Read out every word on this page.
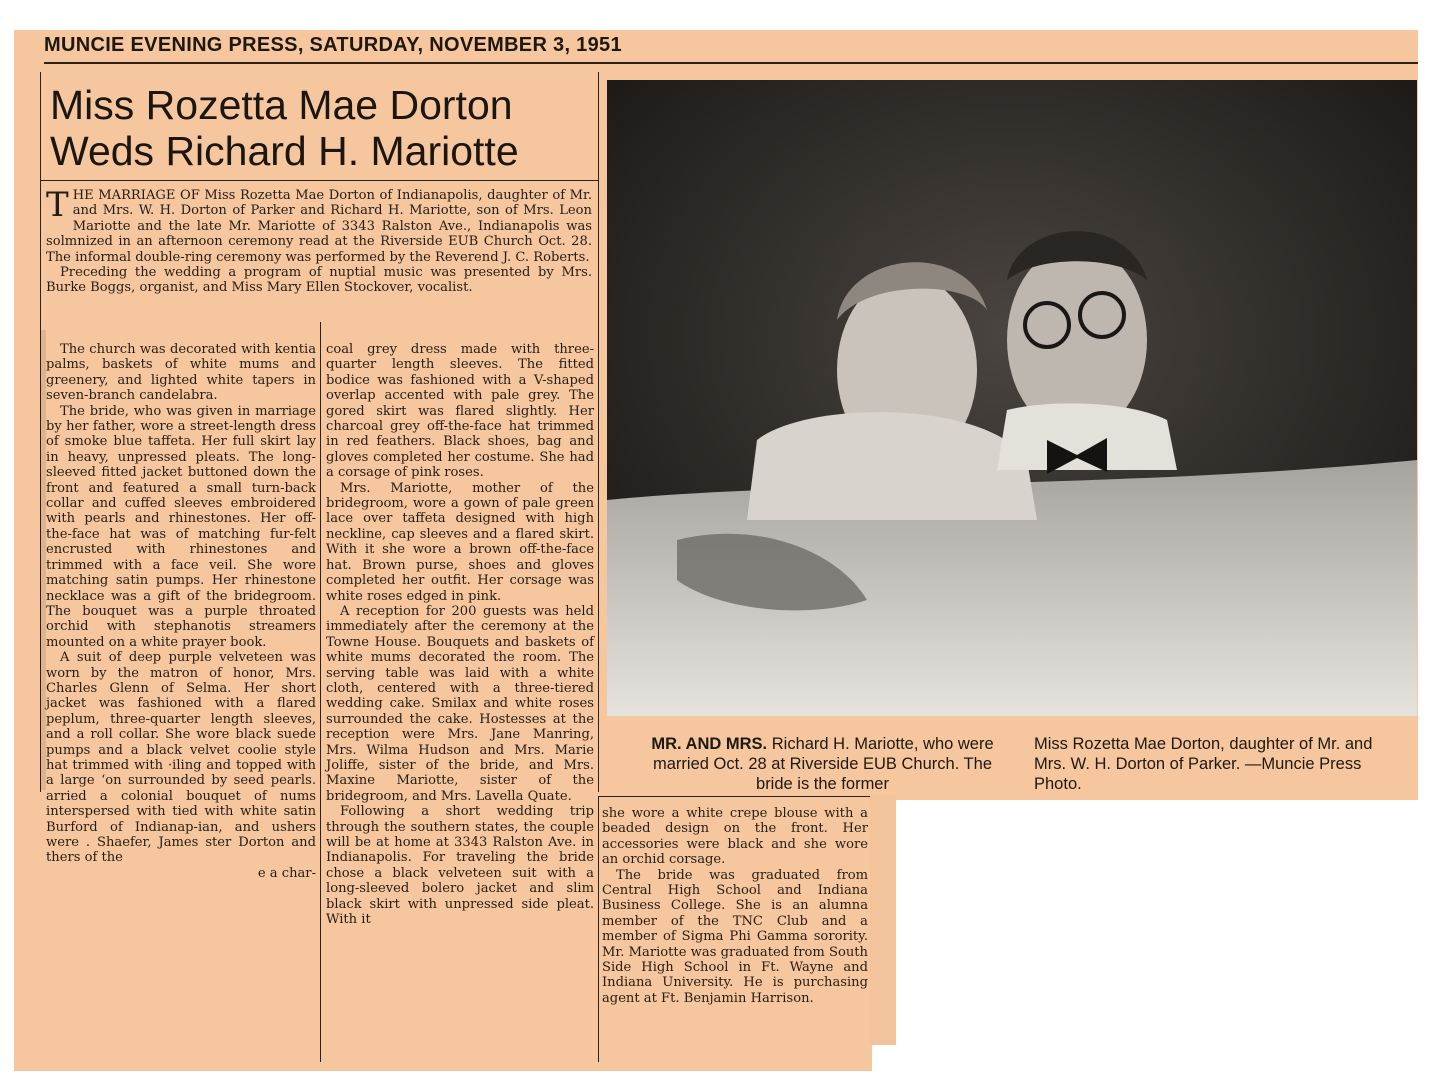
MUNCIE EVENING PRESS, SATURDAY, NOVEMBER 3, 1951
Miss Rozetta Mae Dorton
Weds Richard H. Mariotte

THE MARRIAGE OF Miss Rozetta Mae Dorton of Indianapolis, daughter of Mr. and Mrs. W. H. Dorton of Parker and Richard H. Mariotte, son of Mrs. Leon Mariotte and the late Mr. Mariotte of 3343 Ralston Ave., Indianapolis was solmnized in an afternoon ceremony read at the Riverside EUB Church Oct. 28. The informal double-ring ceremony was performed by the Reverend J. C. Roberts.

Preceding the wedding a program of nuptial music was presented by Mrs. Burke Boggs, organist, and Miss Mary Ellen Stockover, vocalist.

The church was decorated with kentia palms, baskets of white mums and greenery, and lighted white tapers in seven-branch candelabra.

The bride, who was given in marriage by her father, wore a street-length dress of smoke blue taffeta. Her full skirt lay in heavy, unpressed pleats. The long-sleeved fitted jacket buttoned down the front and featured a small turn-back collar and cuffed sleeves embroidered with pearls and rhinestones. Her off-the-face hat was of matching fur-felt encrusted with rhinestones and trimmed with a face veil. She wore matching satin pumps. Her rhinestone necklace was a gift of the bridegroom. The bouquet was a purple throated orchid with stephanotis streamers mounted on a white prayer book.

A suit of deep purple velveteen was worn by the matron of honor, Mrs. Charles Glenn of Selma. Her short jacket was fashioned with a flared peplum, three-quarter length sleeves, and a roll collar. She wore black suede pumps and a black velvet coolie style hat trimmed with ·iling and topped with a large ʻon surrounded by seed pearls. arried a colonial bouquet of nums interspersed with tied with white satin Burford of Indianap-ian, and ushers were . Shaefer, James ster Dorton and thers of the

e a char-

coal grey dress made with three-quarter length sleeves. The fitted bodice was fashioned with a V-shaped overlap accented with pale grey. The gored skirt was flared slightly. Her charcoal grey off-the-face hat trimmed in red feathers. Black shoes, bag and gloves completed her costume. She had a corsage of pink roses.

Mrs. Mariotte, mother of the bridegroom, wore a gown of pale green lace over taffeta designed with high neckline, cap sleeves and a flared skirt. With it she wore a brown off-the-face hat. Brown purse, shoes and gloves completed her outfit. Her corsage was white roses edged in pink.

A reception for 200 guests was held immediately after the ceremony at the Towne House. Bouquets and baskets of white mums decorated the room. The serving table was laid with a white cloth, centered with a three-tiered wedding cake. Smilax and white roses surrounded the cake. Hostesses at the reception were Mrs. Jane Manring, Mrs. Wilma Hudson and Mrs. Marie Joliffe, sister of the bride, and Mrs. Maxine Mariotte, sister of the bridegroom, and Mrs. Lavella Quate.

Following a short wedding trip through the southern states, the couple will be at home at 3343 Ralston Ave. in Indianapolis. For traveling the bride chose a black velveteen suit with a long-sleeved bolero jacket and slim black skirt with unpressed side pleat. With it

she wore a white crepe blouse with a beaded design on the front. Her accessories were black and she wore an orchid corsage.

The bride was graduated from Central High School and Indiana Business College. She is an alumna member of the TNC Club and a member of Sigma Phi Gamma sorority. Mr. Mariotte was graduated from South Side High School in Ft. Wayne and Indiana University. He is purchasing agent at Ft. Benjamin Harrison.

MR. AND MRS. Richard H. Mariotte, who were married Oct. 28 at Riverside EUB Church. The bride is the former
Miss Rozetta Mae Dorton, daughter of Mr. and Mrs. W. H. Dorton of Parker. —Muncie Press Photo.
